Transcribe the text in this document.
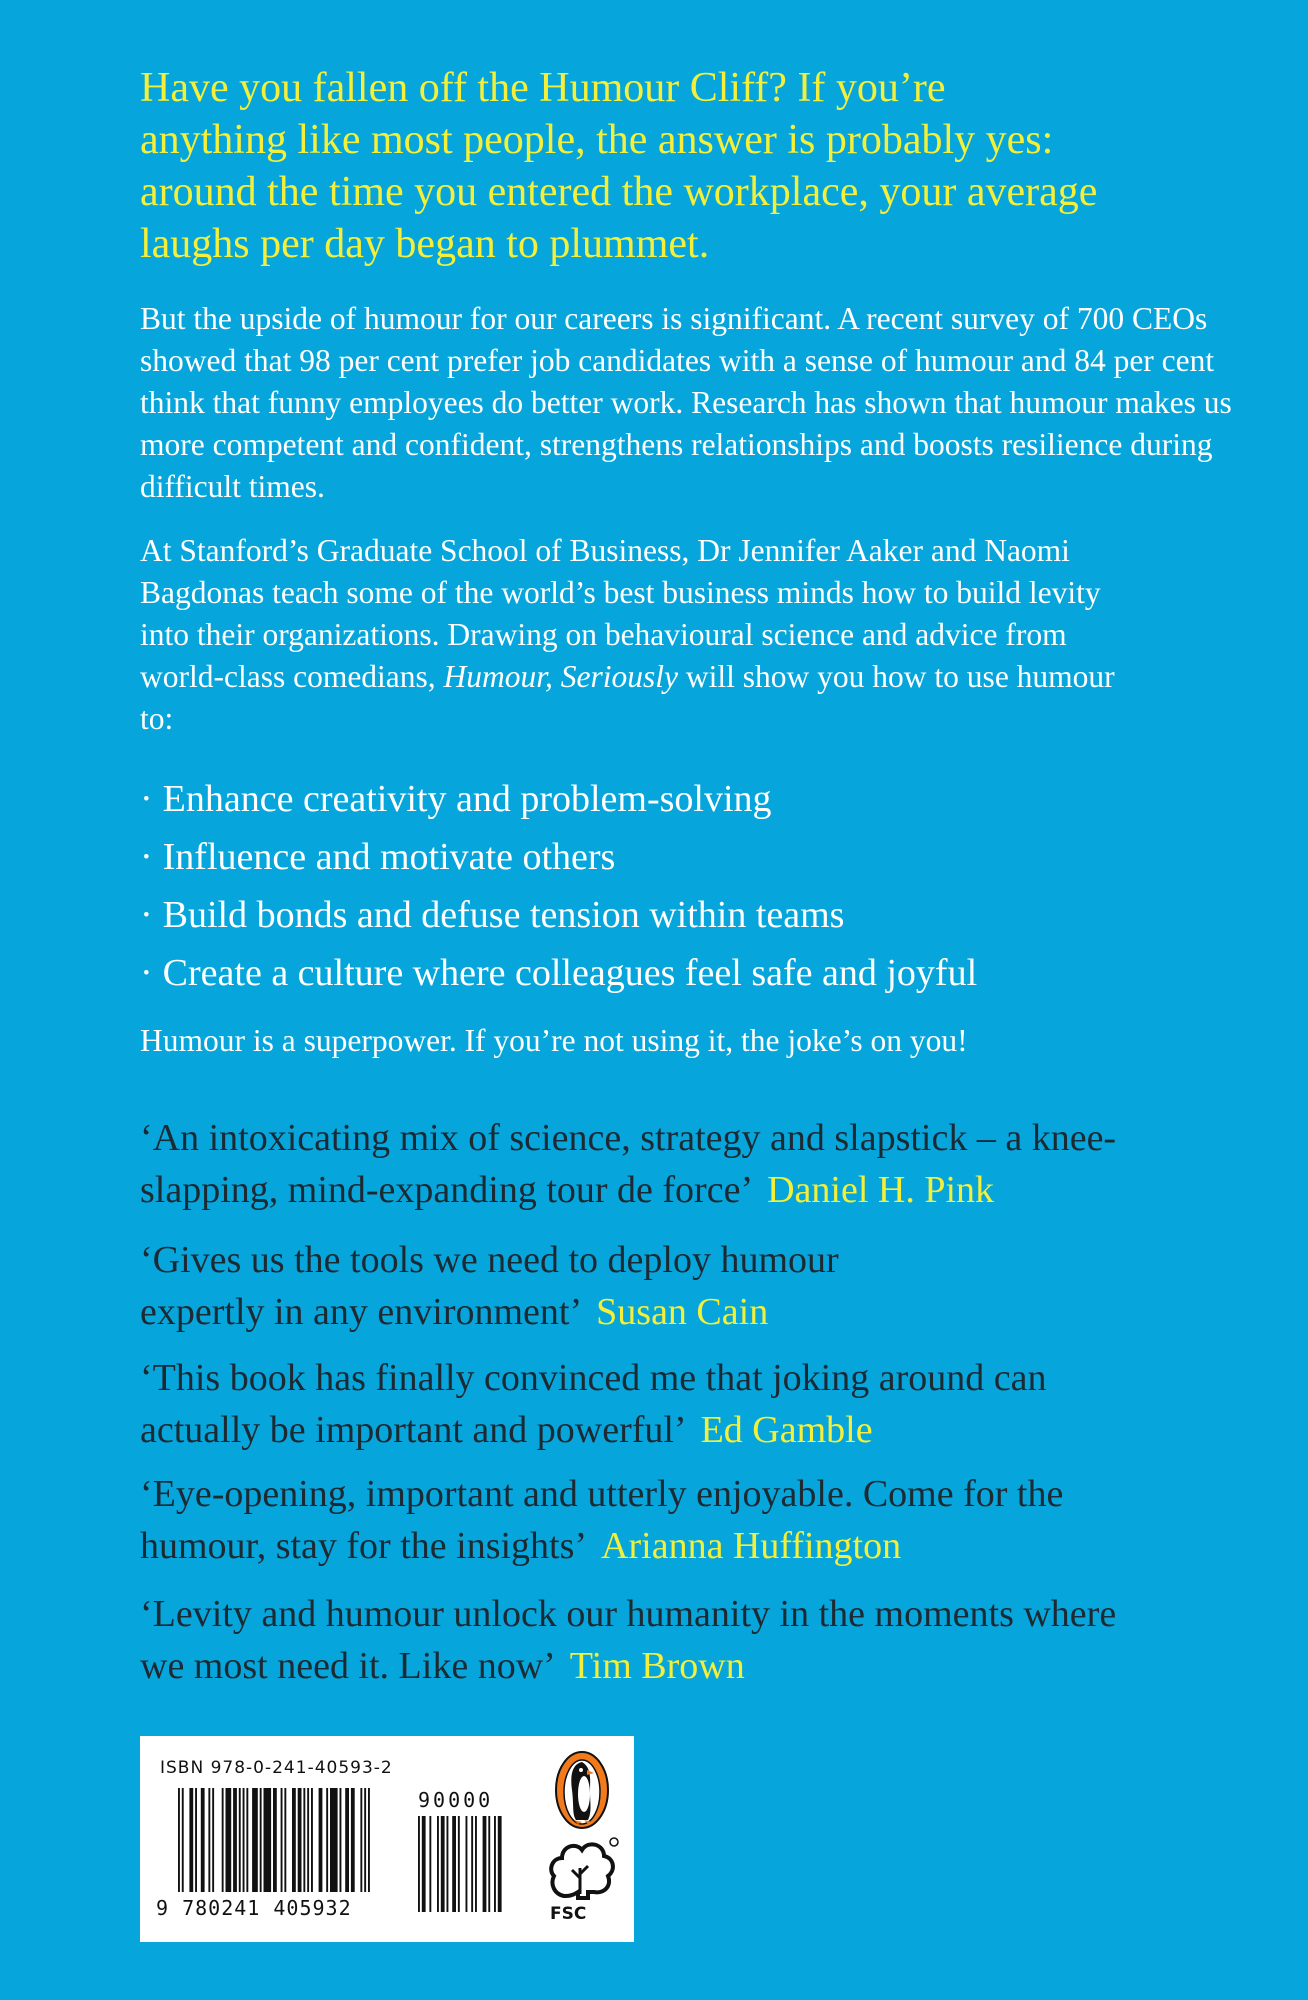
Have you fallen off the Humour Cliff? If you’re anything like most people, the answer is probably yes: around the time you entered the workplace, your average laughs per day began to plummet.

But the upside of humour for our careers is significant. A recent survey of 700 CEOs showed that 98 per cent prefer job candidates with a sense of humour and 84 per cent think that funny employees do better work. Research has shown that humour makes us more competent and confident, strengthens relationships and boosts resilience during difficult times.

At Stanford’s Graduate School of Business, Dr Jennifer Aaker and Naomi Bagdonas teach some of the world’s best business minds how to build levity into their organizations. Drawing on behavioural science and advice from world-class comedians, Humour, Seriously will show you how to use humour to:

· Enhance creativity and problem-solving
· Influence and motivate others
· Build bonds and defuse tension within teams
· Create a culture where colleagues feel safe and joyful

Humour is a superpower. If you’re not using it, the joke’s on you!

‘An intoxicating mix of science, strategy and slapstick – a knee-slapping, mind-expanding tour de force’ Daniel H. Pink

‘Gives us the tools we need to deploy humour expertly in any environment’ Susan Cain

‘This book has finally convinced me that joking around can actually be important and powerful’ Ed Gamble

‘Eye-opening, important and utterly enjoyable. Come for the humour, stay for the insights’ Arianna Huffington

‘Levity and humour unlock our humanity in the moments where we most need it. Like now’ Tim Brown

ISBN 978-0-241-40593-2
9 780241 405932
90000
FSC
